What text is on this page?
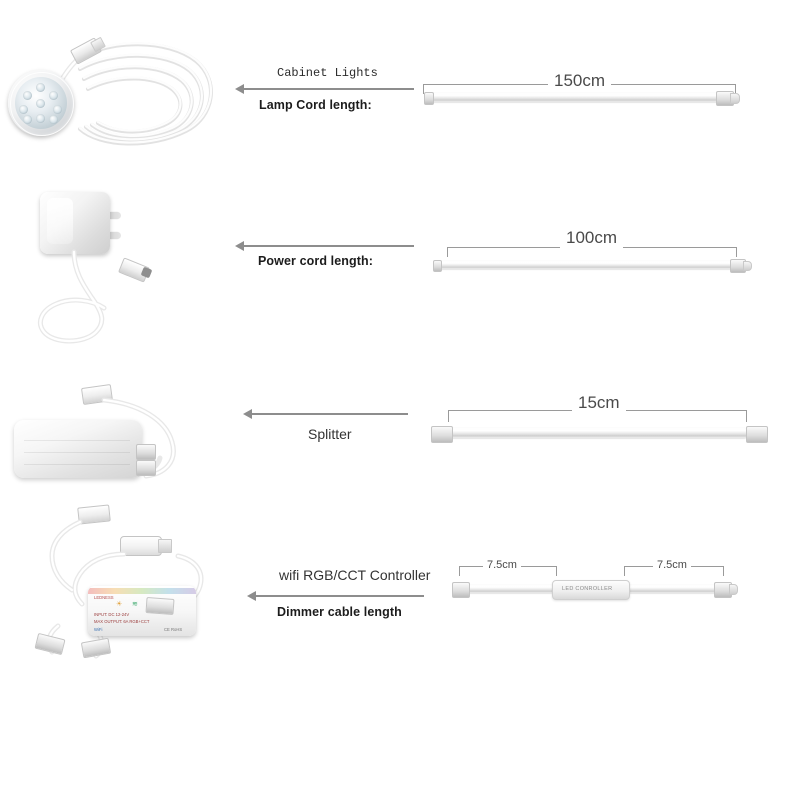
Cabinet Lights
Lamp Cord length:
150cm
Power cord length:
100cm
Splitter
15cm
LEDNESS
☀ ≋
INPUT: DC 12-24V
MAX OUTPUT: 6A RGB+CCT
WiFi	CE RoHS
wifi RGB/CCT Controller
Dimmer cable length
7.5cm	7.5cm
LED CONROLLER
